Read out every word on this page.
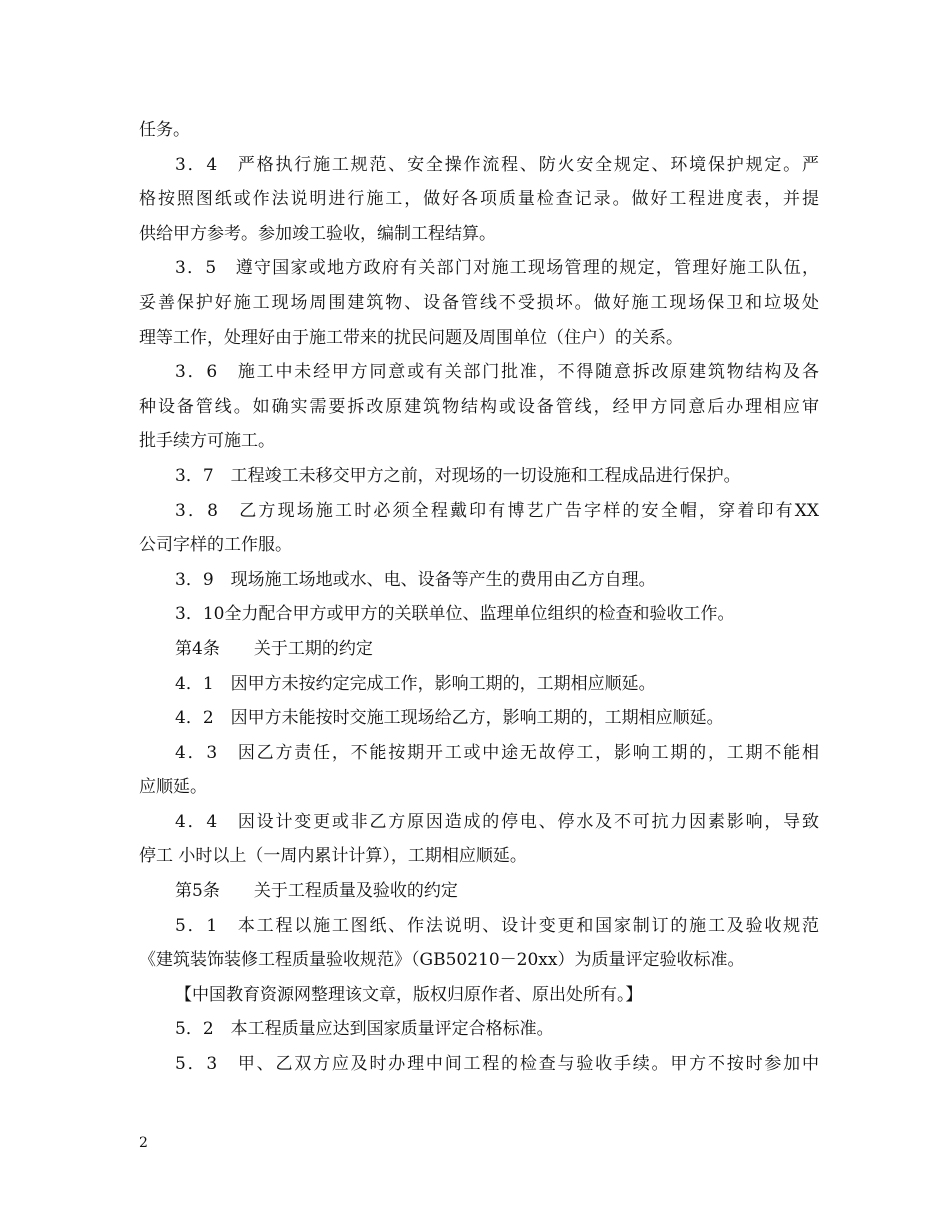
任务。
3．4　严格执行施工规范、安全操作流程、防火安全规定、环境保护规定。严
格按照图纸或作法说明进行施工，做好各项质量检查记录。做好工程进度表，并提
供给甲方参考。参加竣工验收，编制工程结算。
3．5　遵守国家或地方政府有关部门对施工现场管理的规定，管理好施工队伍，
妥善保护好施工现场周围建筑物、设备管线不受损坏。做好施工现场保卫和垃圾处
理等工作，处理好由于施工带来的扰民问题及周围单位（住户）的关系。
3．6　施工中未经甲方同意或有关部门批准，不得随意拆改原建筑物结构及各
种设备管线。如确实需要拆改原建筑物结构或设备管线，经甲方同意后办理相应审
批手续方可施工。
3．7　工程竣工未移交甲方之前，对现场的一切设施和工程成品进行保护。
3．8　乙方现场施工时必须全程戴印有博艺广告字样的安全帽，穿着印有XX
公司字样的工作服。
3．9　现场施工场地或水、电、设备等产生的费用由乙方自理。
3．10全力配合甲方或甲方的关联单位、监理单位组织的检查和验收工作。
第4条　　关于工期的约定
4．1　因甲方未按约定完成工作，影响工期的，工期相应顺延。
4．2　因甲方未能按时交施工现场给乙方，影响工期的，工期相应顺延。
4．3　因乙方责任，不能按期开工或中途无故停工，影响工期的，工期不能相
应顺延。
4．4　因设计变更或非乙方原因造成的停电、停水及不可抗力因素影响，导致
停工 小时以上（一周内累计计算），工期相应顺延。
第5条　　关于工程质量及验收的约定
5．1　本工程以施工图纸、作法说明、设计变更和国家制订的施工及验收规范
《建筑装饰装修工程质量验收规范》（GB50210－20xx）为质量评定验收标准。
【中国教育资源网整理该文章，版权归原作者、原出处所有。】
5．2　本工程质量应达到国家质量评定合格标准。
5．3　甲、乙双方应及时办理中间工程的检查与验收手续。甲方不按时参加中
2
